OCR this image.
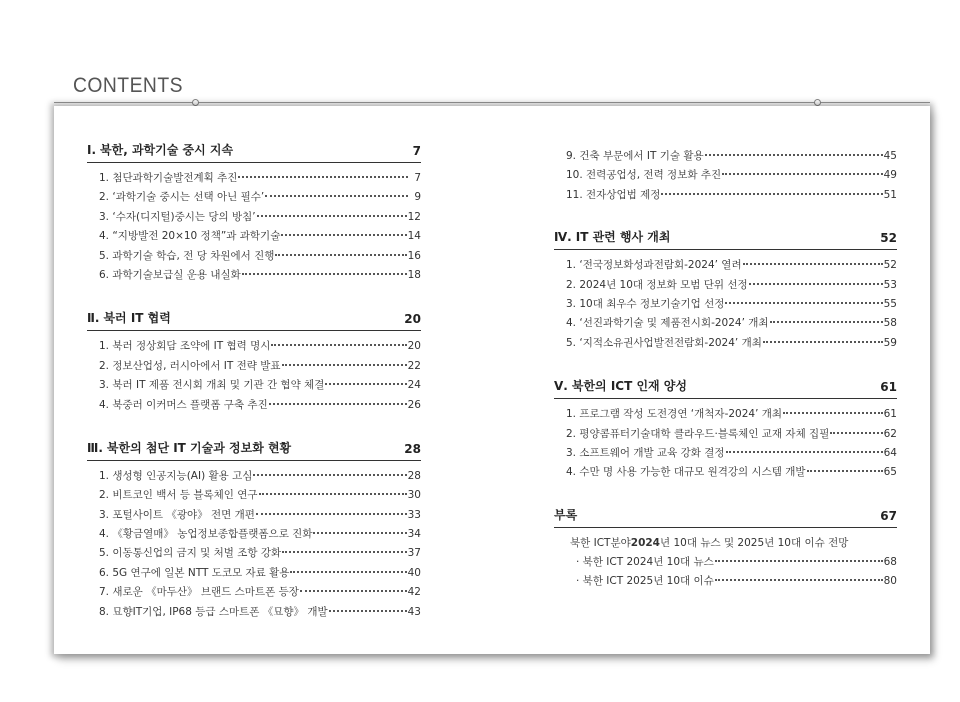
CONTENTS
Ⅰ. 북한, 과학기술 중시 지속	7
1. 첨단과학기술발전계획 추진	7
2. ‘과학기술 중시는 선택 아닌 필수’	9
3. ‘수자(디지털)중시는 당의 방침’	12
4. “지방발전 20×10 정책”과 과학기술	14
5. 과학기술 학습, 전 당 차원에서 진행	16
6. 과학기술보급실 운용 내실화	18
Ⅱ. 북러 IT 협력	20
1. 북러 정상회담 조약에 IT 협력 명시	20
2. 정보산업성, 러시아에서 IT 전략 발표	22
3. 북러 IT 제품 전시회 개최 및 기관 간 협약 체결	24
4. 북중러 이커머스 플랫폼 구축 추진	26
Ⅲ. 북한의 첨단 IT 기술과 정보화 현황	28
1. 생성형 인공지능(AI) 활용 고심	28
2. 비트코인 백서 등 블록체인 연구	30
3. 포털사이트 《광야》 전면 개편	33
4. 《황금열매》 농업정보종합플랫폼으로 진화	34
5. 이동통신업의 금지 및 처벌 조항 강화	37
6. 5G 연구에 일본 NTT 도코모 자료 활용	40
7. 새로운 《마두산》 브랜드 스마트폰 등장	42
8. 묘향IT기업, IP68 등급 스마트폰 《묘향》 개발	43
9. 건축 부문에서 IT 기술 활용	45
10. 전력공업성, 전력 정보화 추진	49
11. 전자상업법 제정	51
Ⅳ. IT 관련 행사 개최	52
1. ‘전국정보화성과전람회-2024’ 열려	52
2. 2024년 10대 정보화 모범 단위 선정	53
3. 10대 최우수 정보기술기업 선정	55
4. ‘선진과학기술 및 제품전시회-2024’ 개최	58
5. ‘지적소유권사업발전전람회-2024’ 개최	59
Ⅴ. 북한의 ICT 인재 양성	61
1. 프로그램 작성 도전경연 ‘개척자-2024’ 개최	61
2. 평양콤퓨터기술대학 클라우드·블록체인 교재 자체 집필	62
3. 소프트웨어 개발 교육 강화 결정	64
4. 수만 명 사용 가능한 대규모 원격강의 시스템 개발	65
부록	67
북한 ICT분야 2024 년 10대 뉴스 및 2025년 10대 이슈 전망
· 북한 ICT 2024년 10대 뉴스	68
· 북한 ICT 2025년 10대 이슈	80
